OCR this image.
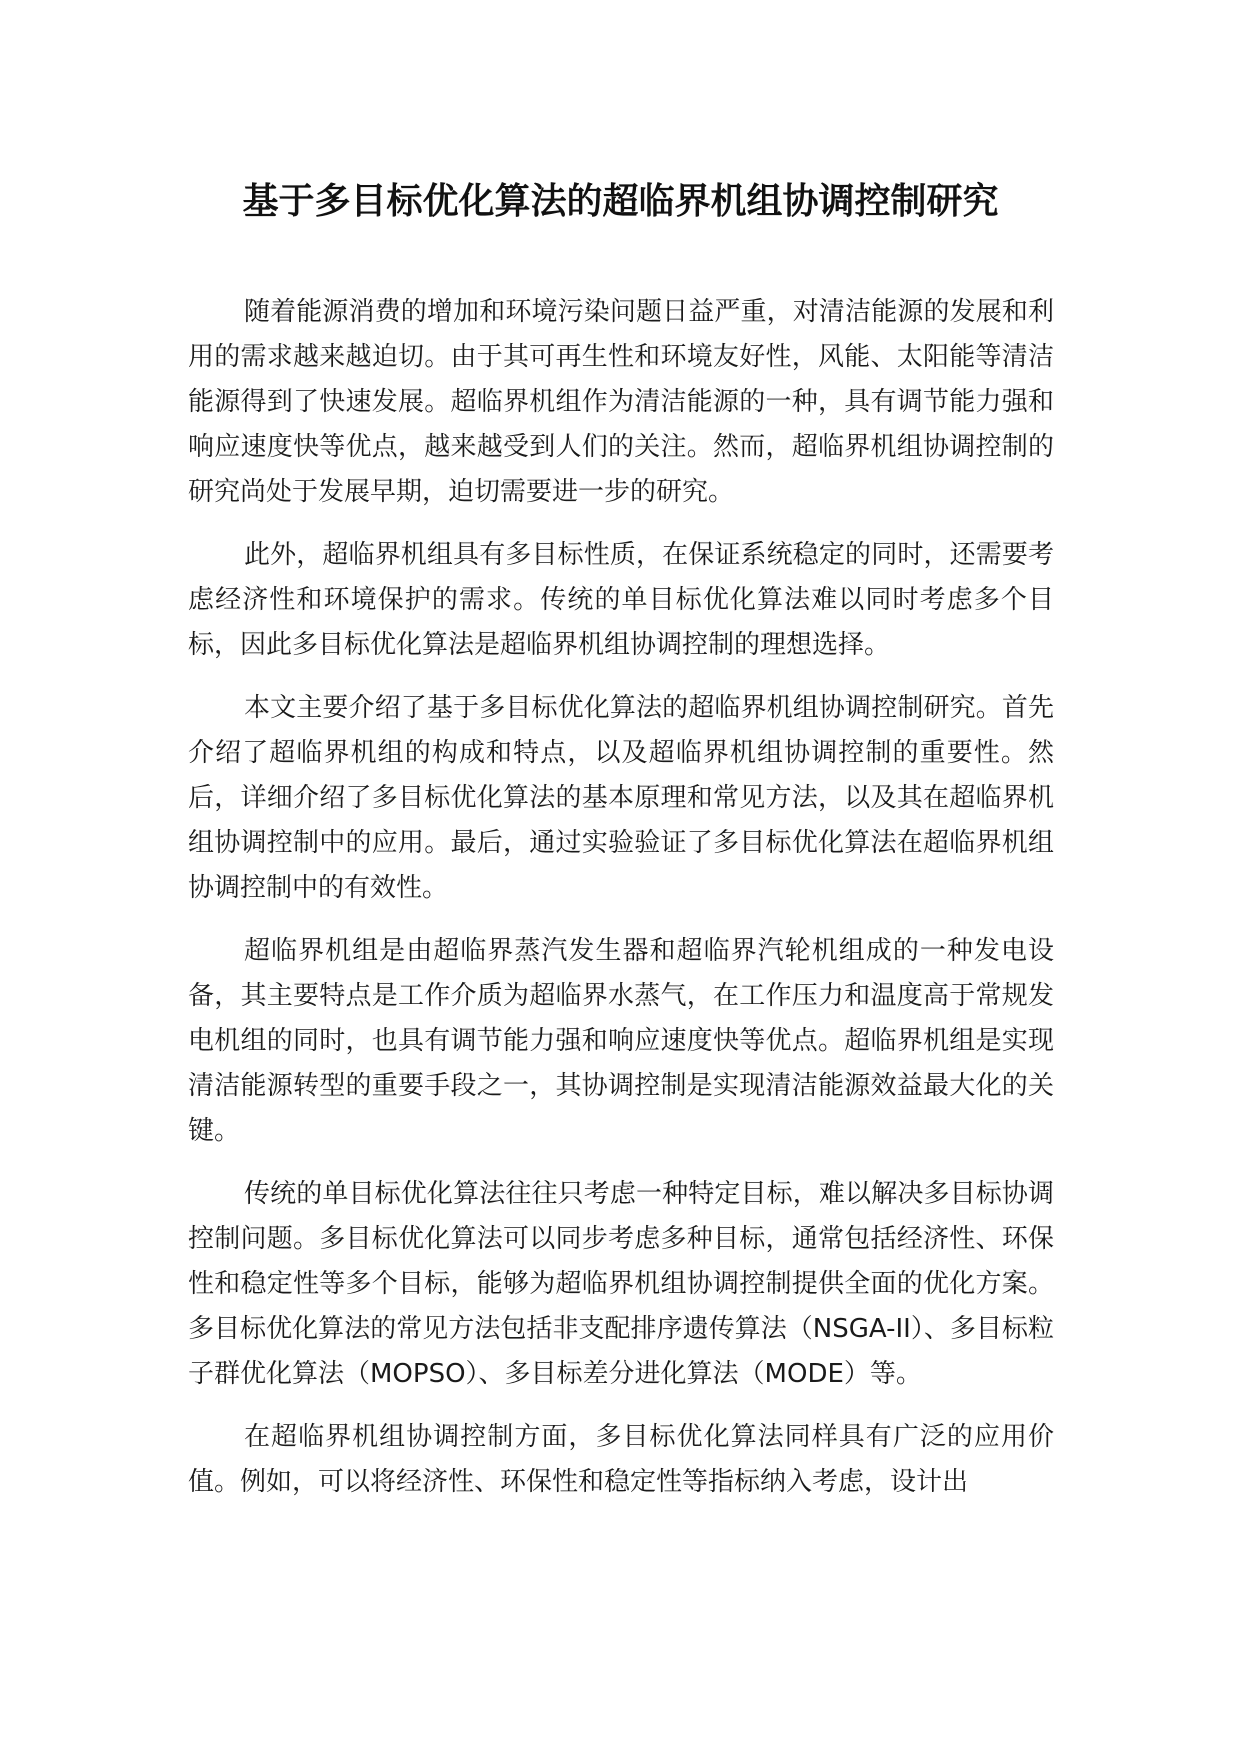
基于多目标优化算法的超临界机组协调控制研究

随着能源消费的增加和环境污染问题日益严重，对清洁能源的发展和利用的需求越来越迫切。由于其可再生性和环境友好性，风能、太阳能等清洁能源得到了快速发展。超临界机组作为清洁能源的一种，具有调节能力强和响应速度快等优点，越来越受到人们的关注。然而，超临界机组协调控制的研究尚处于发展早期，迫切需要进一步的研究。

此外，超临界机组具有多目标性质，在保证系统稳定的同时，还需要考虑经济性和环境保护的需求。传统的单目标优化算法难以同时考虑多个目标，因此多目标优化算法是超临界机组协调控制的理想选择。

本文主要介绍了基于多目标优化算法的超临界机组协调控制研究。首先介绍了超临界机组的构成和特点，以及超临界机组协调控制的重要性。然后，详细介绍了多目标优化算法的基本原理和常见方法，以及其在超临界机组协调控制中的应用。最后，通过实验验证了多目标优化算法在超临界机组协调控制中的有效性。

超临界机组是由超临界蒸汽发生器和超临界汽轮机组成的一种发电设备，其主要特点是工作介质为超临界水蒸气，在工作压力和温度高于常规发电机组的同时，也具有调节能力强和响应速度快等优点。超临界机组是实现清洁能源转型的重要手段之一，其协调控制是实现清洁能源效益最大化的关键。

传统的单目标优化算法往往只考虑一种特定目标，难以解决多目标协调控制问题。多目标优化算法可以同步考虑多种目标，通常包括经济性、环保性和稳定性等多个目标，能够为超临界机组协调控制提供全面的优化方案。多目标优化算法的常见方法包括非支配排序遗传算法（NSGA-II）、多目标粒子群优化算法（MOPSO）、多目标差分进化算法（MODE）等。

在超临界机组协调控制方面，多目标优化算法同样具有广泛的应用价值。例如，可以将经济性、环保性和稳定性等指标纳入考虑，设计出
